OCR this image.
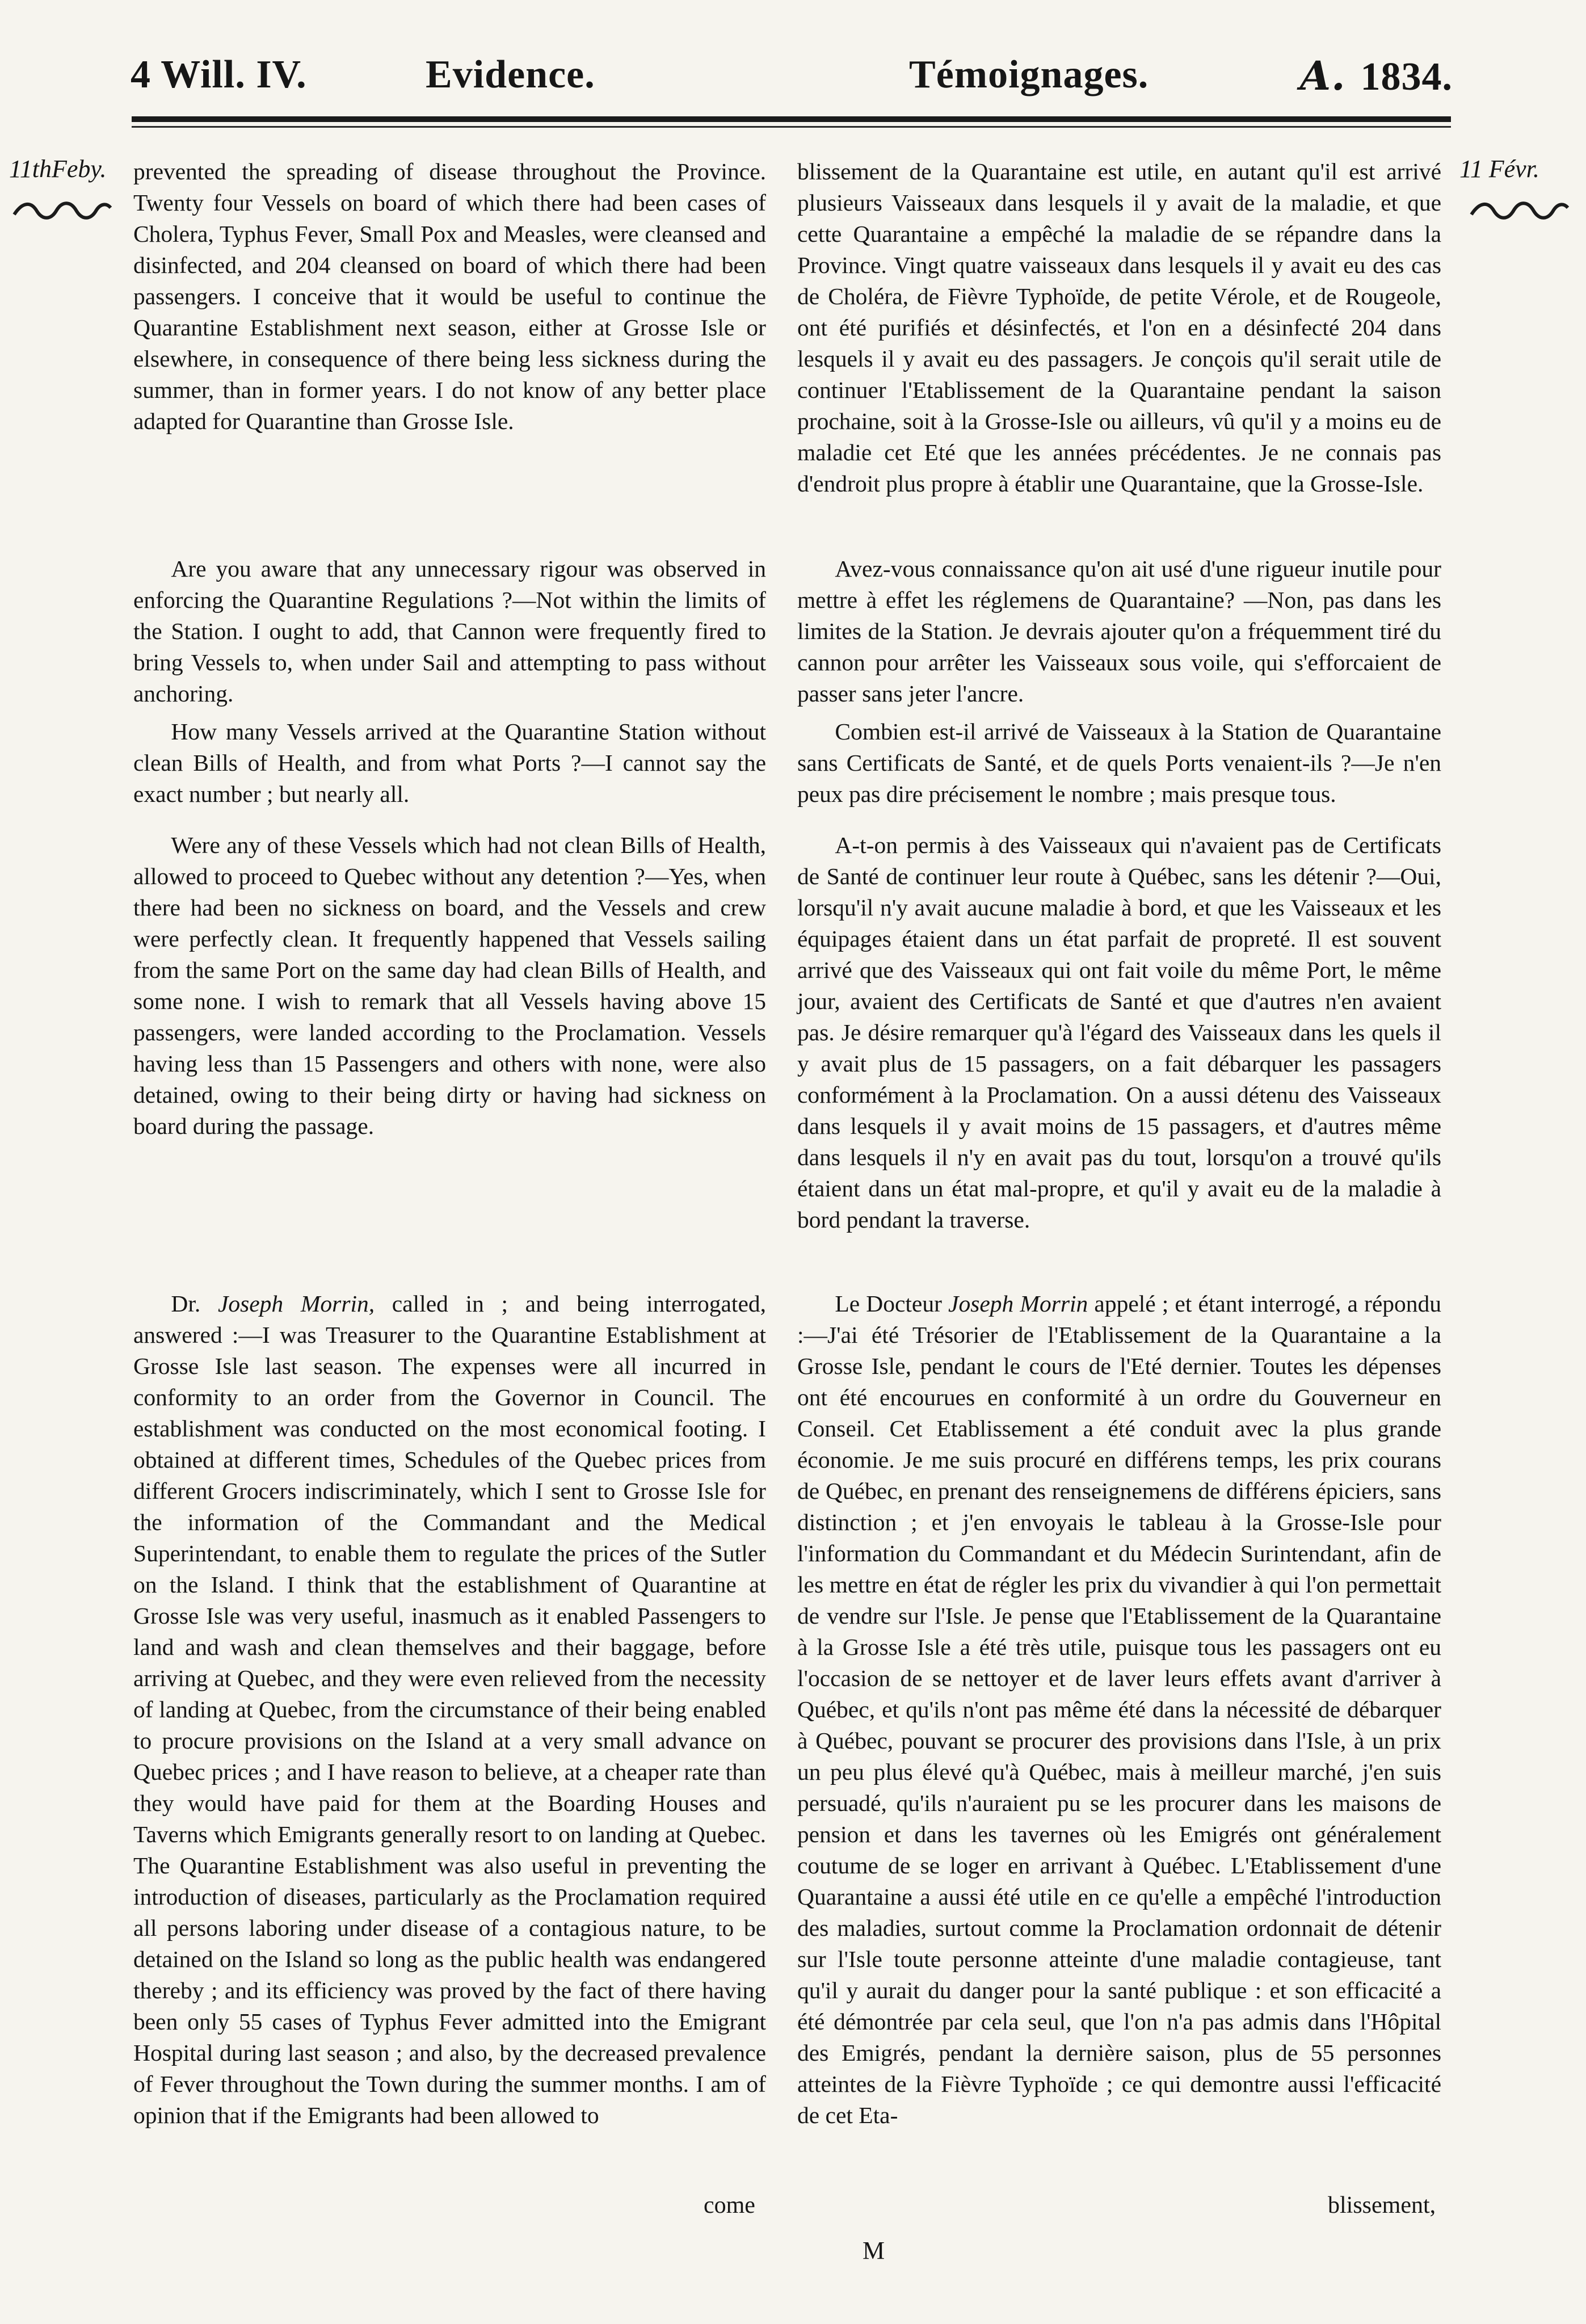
4 Will. IV.	Evidence.	Témoignages.	A. 1834.
11thFeby.	11 Févr.

prevented the spreading of disease throughout the Province. Twenty four Vessels on board of which there had been cases of Cholera, Typhus Fever, Small Pox and Measles, were cleansed and disinfected, and 204 cleansed on board of which there had been passengers. I conceive that it would be useful to continue the Quarantine Establishment next season, either at Grosse Isle or elsewhere, in consequence of there being less sickness during the summer, than in former years. I do not know of any better place adapted for Quarantine than Grosse Isle.

Are you aware that any unnecessary rigour was observed in enforcing the Quarantine Regulations ?—Not within the limits of the Station. I ought to add, that Cannon were frequently fired to bring Vessels to, when under Sail and attempting to pass without anchoring.

How many Vessels arrived at the Quarantine Station without clean Bills of Health, and from what Ports ?—I cannot say the exact number ; but nearly all.

Were any of these Vessels which had not clean Bills of Health, allowed to proceed to Quebec without any detention ?—Yes, when there had been no sickness on board, and the Vessels and crew were perfectly clean. It frequently happened that Vessels sailing from the same Port on the same day had clean Bills of Health, and some none. I wish to remark that all Vessels having above 15 passengers, were landed according to the Proclamation. Vessels having less than 15 Passengers and others with none, were also detained, owing to their being dirty or having had sickness on board during the passage.

Dr. Joseph Morrin, called in ; and being interrogated, answered :—I was Treasurer to the Quarantine Establishment at Grosse Isle last season. The expenses were all incurred in conformity to an order from the Governor in Council. The establishment was conducted on the most economical footing. I obtained at different times, Schedules of the Quebec prices from different Grocers indiscriminately, which I sent to Grosse Isle for the information of the Commandant and the Medical Superintendant, to enable them to regulate the prices of the Sutler on the Island. I think that the establishment of Quarantine at Grosse Isle was very useful, inasmuch as it enabled Passengers to land and wash and clean themselves and their baggage, before arriving at Quebec, and they were even relieved from the necessity of landing at Quebec, from the circumstance of their being enabled to procure provisions on the Island at a very small advance on Quebec prices ; and I have reason to believe, at a cheaper rate than they would have paid for them at the Boarding Houses and Taverns which Emigrants generally resort to on landing at Quebec. The Quarantine Establishment was also useful in preventing the introduction of diseases, particularly as the Proclamation required all persons laboring under disease of a contagious nature, to be detained on the Island so long as the public health was endangered thereby ; and its efficiency was proved by the fact of there having been only 55 cases of Typhus Fever admitted into the Emigrant Hospital during last season ; and also, by the decreased prevalence of Fever throughout the Town during the summer months. I am of opinion that if the Emigrants had been allowed to

come

blissement de la Quarantaine est utile, en autant qu'il est arrivé plusieurs Vaisseaux dans lesquels il y avait de la maladie, et que cette Quarantaine a empêché la maladie de se répandre dans la Province. Vingt quatre vaisseaux dans lesquels il y avait eu des cas de Choléra, de Fièvre Typhoïde, de petite Vérole, et de Rougeole, ont été purifiés et désinfectés, et l'on en a désinfecté 204 dans lesquels il y avait eu des passagers. Je conçois qu'il serait utile de continuer l'Etablissement de la Quarantaine pendant la saison prochaine, soit à la Grosse-Isle ou ailleurs, vû qu'il y a moins eu de maladie cet Eté que les années précédentes. Je ne connais pas d'endroit plus propre à établir une Quarantaine, que la Grosse-Isle.

Avez-vous connaissance qu'on ait usé d'une rigueur inutile pour mettre à effet les réglemens de Quarantaine? —Non, pas dans les limites de la Station. Je devrais ajouter qu'on a fréquemment tiré du cannon pour arrêter les Vaisseaux sous voile, qui s'efforcaient de passer sans jeter l'ancre.

Combien est-il arrivé de Vaisseaux à la Station de Quarantaine sans Certificats de Santé, et de quels Ports venaient-ils ?—Je n'en peux pas dire précisement le nombre ; mais presque tous.

A-t-on permis à des Vaisseaux qui n'avaient pas de Certificats de Santé de continuer leur route à Québec, sans les détenir ?—Oui, lorsqu'il n'y avait aucune maladie à bord, et que les Vaisseaux et les équipages étaient dans un état parfait de propreté. Il est souvent arrivé que des Vaisseaux qui ont fait voile du même Port, le même jour, avaient des Certificats de Santé et que d'autres n'en avaient pas. Je désire remarquer qu'à l'égard des Vaisseaux dans les quels il y avait plus de 15 passagers, on a fait débarquer les passagers conformément à la Proclamation. On a aussi détenu des Vaisseaux dans lesquels il y avait moins de 15 passagers, et d'autres même dans lesquels il n'y en avait pas du tout, lorsqu'on a trouvé qu'ils étaient dans un état mal-propre, et qu'il y avait eu de la maladie à bord pendant la traverse.

Le Docteur Joseph Morrin appelé ; et étant interrogé, a répondu :—J'ai été Trésorier de l'Etablissement de la Quarantaine a la Grosse Isle, pendant le cours de l'Eté dernier. Toutes les dépenses ont été encourues en conformité à un ordre du Gouverneur en Conseil. Cet Etablissement a été conduit avec la plus grande économie. Je me suis procuré en différens temps, les prix courans de Québec, en prenant des renseignemens de différens épiciers, sans distinction ; et j'en envoyais le tableau à la Grosse-Isle pour l'information du Commandant et du Médecin Surintendant, afin de les mettre en état de régler les prix du vivandier à qui l'on permettait de vendre sur l'Isle. Je pense que l'Etablissement de la Quarantaine à la Grosse Isle a été très utile, puisque tous les passagers ont eu l'occasion de se nettoyer et de laver leurs effets avant d'arriver à Québec, et qu'ils n'ont pas même été dans la nécessité de débarquer à Québec, pouvant se procurer des provisions dans l'Isle, à un prix un peu plus élevé qu'à Québec, mais à meilleur marché, j'en suis persuadé, qu'ils n'auraient pu se les procurer dans les maisons de pension et dans les tavernes où les Emigrés ont généralement coutume de se loger en arrivant à Québec. L'Etablissement d'une Quarantaine a aussi été utile en ce qu'elle a empêché l'introduction des maladies, surtout comme la Proclamation ordonnait de détenir sur l'Isle toute personne atteinte d'une maladie contagieuse, tant qu'il y aurait du danger pour la santé publique : et son efficacité a été démontrée par cela seul, que l'on n'a pas admis dans l'Hôpital des Emigrés, pendant la dernière saison, plus de 55 personnes atteintes de la Fièvre Typhoïde ; ce qui demontre aussi l'efficacité de cet Eta-

blissement,
M
